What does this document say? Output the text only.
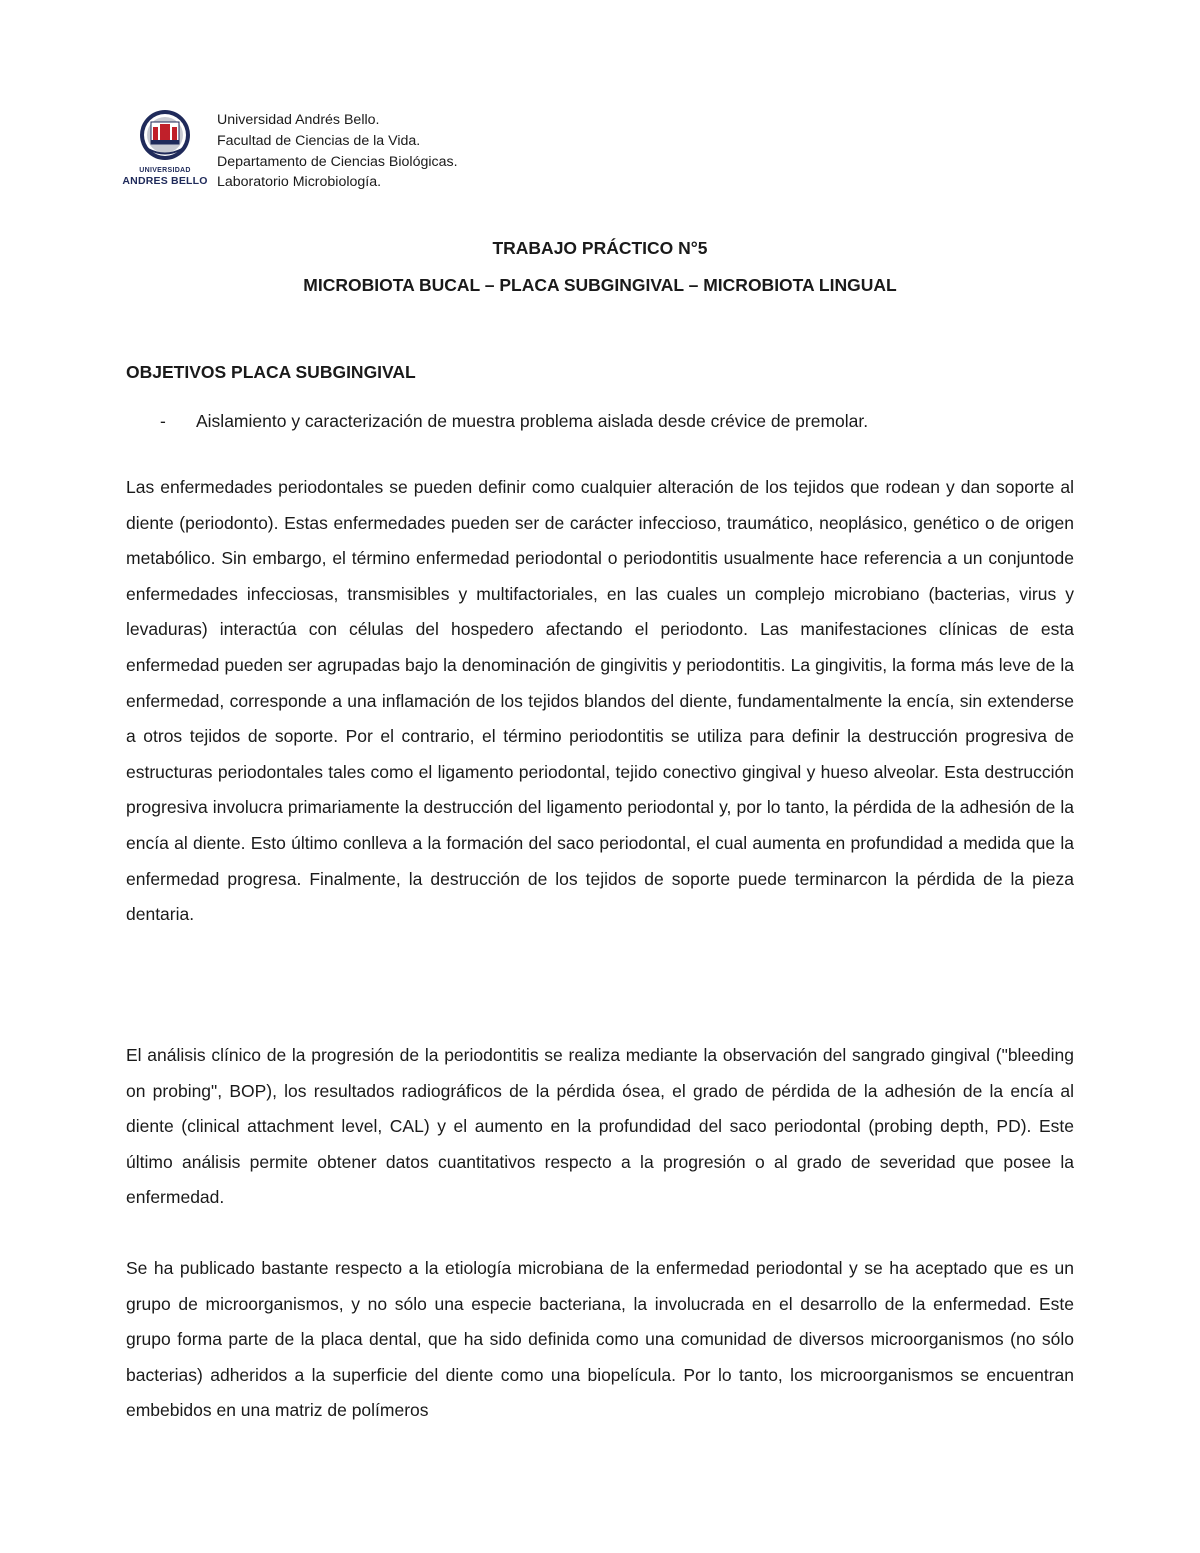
UNIVERSIDAD
ANDRES BELLO
Universidad Andrés Bello.
Facultad de Ciencias de la Vida.
Departamento de Ciencias Biológicas.
Laboratorio Microbiología.
TRABAJO PRÁCTICO N°5
MICROBIOTA BUCAL – PLACA SUBGINGIVAL – MICROBIOTA LINGUAL
OBJETIVOS PLACA SUBGINGIVAL
-	Aislamiento y caracterización de muestra problema aislada desde crévice de premolar.
Las enfermedades periodontales se pueden definir como cualquier alteración de los tejidos que rodean y dan soporte al diente (periodonto). Estas enfermedades pueden ser de carácter infeccioso, traumático, neoplásico, genético o de origen metabólico. Sin embargo, el término enfermedad periodontal o periodontitis usualmente hace referencia a un conjuntode enfermedades infecciosas, transmisibles y multifactoriales, en las cuales un complejo microbiano (bacterias, virus y levaduras) interactúa con células del hospedero afectando el periodonto. Las manifestaciones clínicas de esta enfermedad pueden ser agrupadas bajo la denominación de gingivitis y periodontitis. La gingivitis, la forma más leve de la enfermedad, corresponde a una inflamación de los tejidos blandos del diente, fundamentalmente la encía, sin extenderse a otros tejidos de soporte. Por el contrario, el término periodontitis se utiliza para definir la destrucción progresiva de estructuras periodontales tales como el ligamento periodontal, tejido conectivo gingival y hueso alveolar. Esta destrucción progresiva involucra primariamente la destrucción del ligamento periodontal y, por lo tanto, la pérdida de la adhesión de la encía al diente. Esto último conlleva a la formación del saco periodontal, el cual aumenta en profundidad a medida que la enfermedad progresa. Finalmente, la destrucción de los tejidos de soporte puede terminarcon la pérdida de la pieza dentaria.
El análisis clínico de la progresión de la periodontitis se realiza mediante la observación del sangrado gingival ("bleeding on probing", BOP), los resultados radiográficos de la pérdida ósea, el grado de pérdida de la adhesión de la encía al diente (clinical attachment level, CAL) y el aumento en la profundidad del saco periodontal (probing depth, PD). Este último análisis permite obtener datos cuantitativos respecto a la progresión o al grado de severidad que posee la enfermedad.
Se ha publicado bastante respecto a la etiología microbiana de la enfermedad periodontal y se ha aceptado que es un grupo de microorganismos, y no sólo una especie bacteriana, la involucrada en el desarrollo de la enfermedad. Este grupo forma parte de la placa dental, que ha sido definida como una comunidad de diversos microorganismos (no sólo bacterias) adheridos a la superficie del diente como una biopelícula. Por lo tanto, los microorganismos se encuentran embebidos en una matriz de polímeros
